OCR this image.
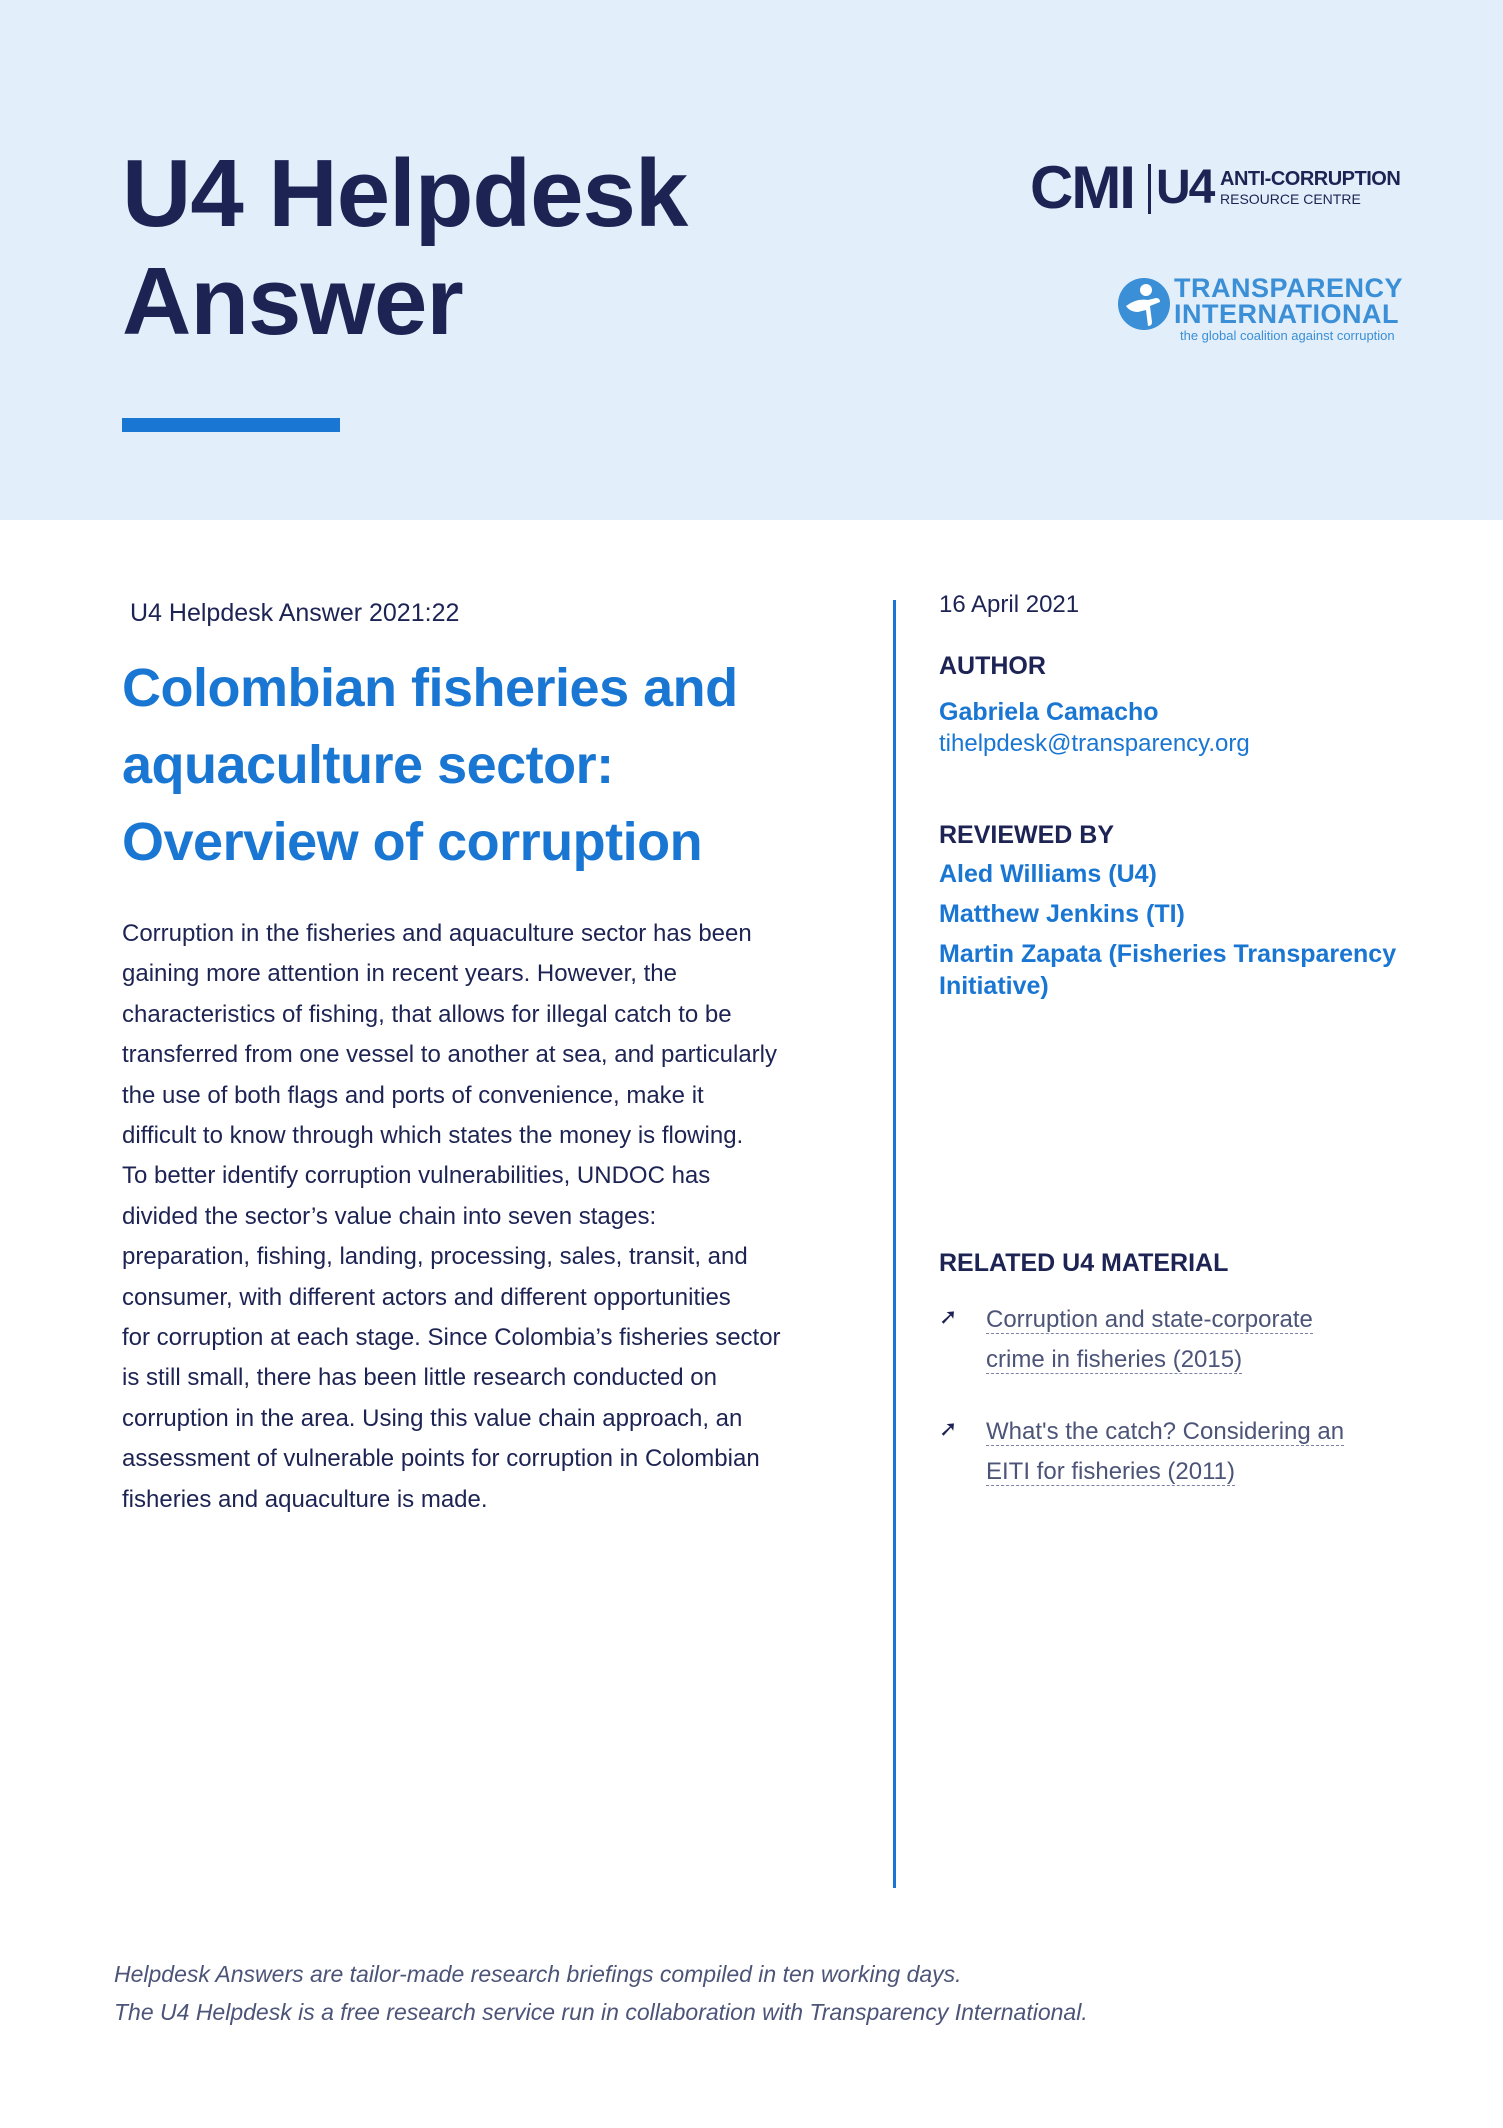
U4 Helpdesk
Answer
CMI U4 ANTI-CORRUPTION
RESOURCE CENTRE
TRANSPARENCY
INTERNATIONAL
the global coalition against corruption
U4 Helpdesk Answer 2021:22
Colombian fisheries and
aquaculture sector:
Overview of corruption
Corruption in the fisheries and aquaculture sector has been
gaining more attention in recent years. However, the
characteristics of fishing, that allows for illegal catch to be
transferred from one vessel to another at sea, and particularly
the use of both flags and ports of convenience, make it
difficult to know through which states the money is flowing.
To better identify corruption vulnerabilities, UNDOC has
divided the sector’s value chain into seven stages:
preparation, fishing, landing, processing, sales, transit, and
consumer, with different actors and different opportunities
for corruption at each stage. Since Colombia’s fisheries sector
is still small, there has been little research conducted on
corruption in the area. Using this value chain approach, an
assessment of vulnerable points for corruption in Colombian
fisheries and aquaculture is made.
16 April 2021
AUTHOR
Gabriela Camacho
tihelpdesk@transparency.org
REVIEWED BY
Aled Williams (U4)
Matthew Jenkins (TI)
Martin Zapata (Fisheries Transparency Initiative)
RELATED U4 MATERIAL
➚ Corruption and state-corporate
crime in fisheries (2015)
➚ What's the catch? Considering an
EITI for fisheries (2011)
Helpdesk Answers are tailor-made research briefings compiled in ten working days.
The U4 Helpdesk is a free research service run in collaboration with Transparency International.
